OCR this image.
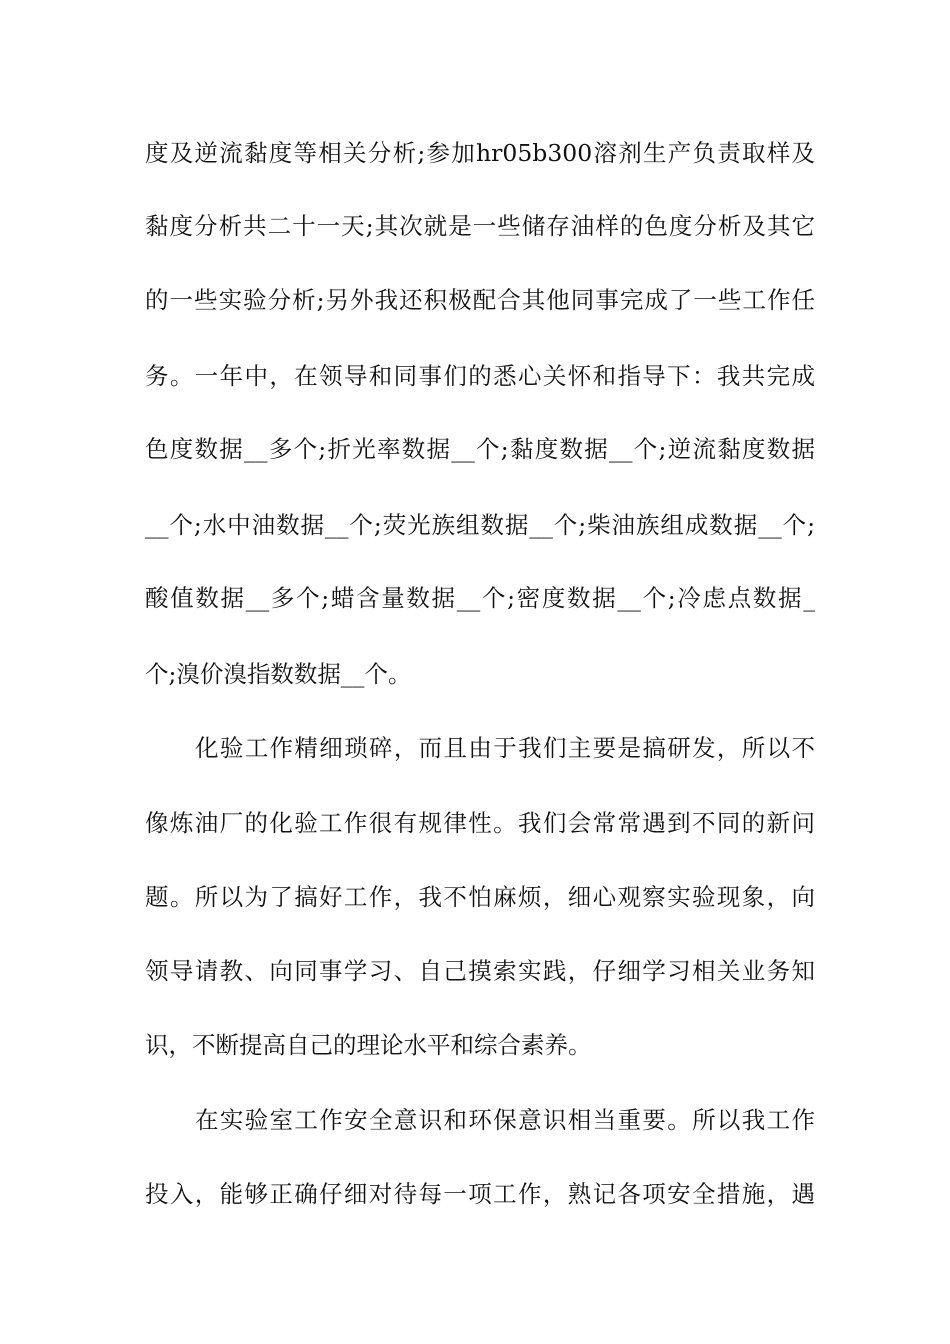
度及逆流黏度等相关分析;参加hr05b300溶剂生产负责取样及
黏度分析共二十一天;其次就是一些储存油样的色度分析及其它
的一些实验分析;另外我还积极配合其他同事完成了一些工作任
务。一年中，在领导和同事们的悉心关怀和指导下：我共完成
色度数据__多个;折光率数据__个;黏度数据__个;逆流黏度数据
__个;水中油数据__个;荧光族组数据__个;柴油族组成数据__个;
酸值数据__多个;蜡含量数据__个;密度数据__个;冷虑点数据_
个;溴价溴指数数据__个。
化验工作精细琐碎，而且由于我们主要是搞研发，所以不
像炼油厂的化验工作很有规律性。我们会常常遇到不同的新问
题。所以为了搞好工作，我不怕麻烦，细心观察实验现象，向
领导请教、向同事学习、自己摸索实践，仔细学习相关业务知
识，不断提高自己的理论水平和综合素养。
在实验室工作安全意识和环保意识相当重要。所以我工作
投入，能够正确仔细对待每一项工作，熟记各项安全措施，遇
